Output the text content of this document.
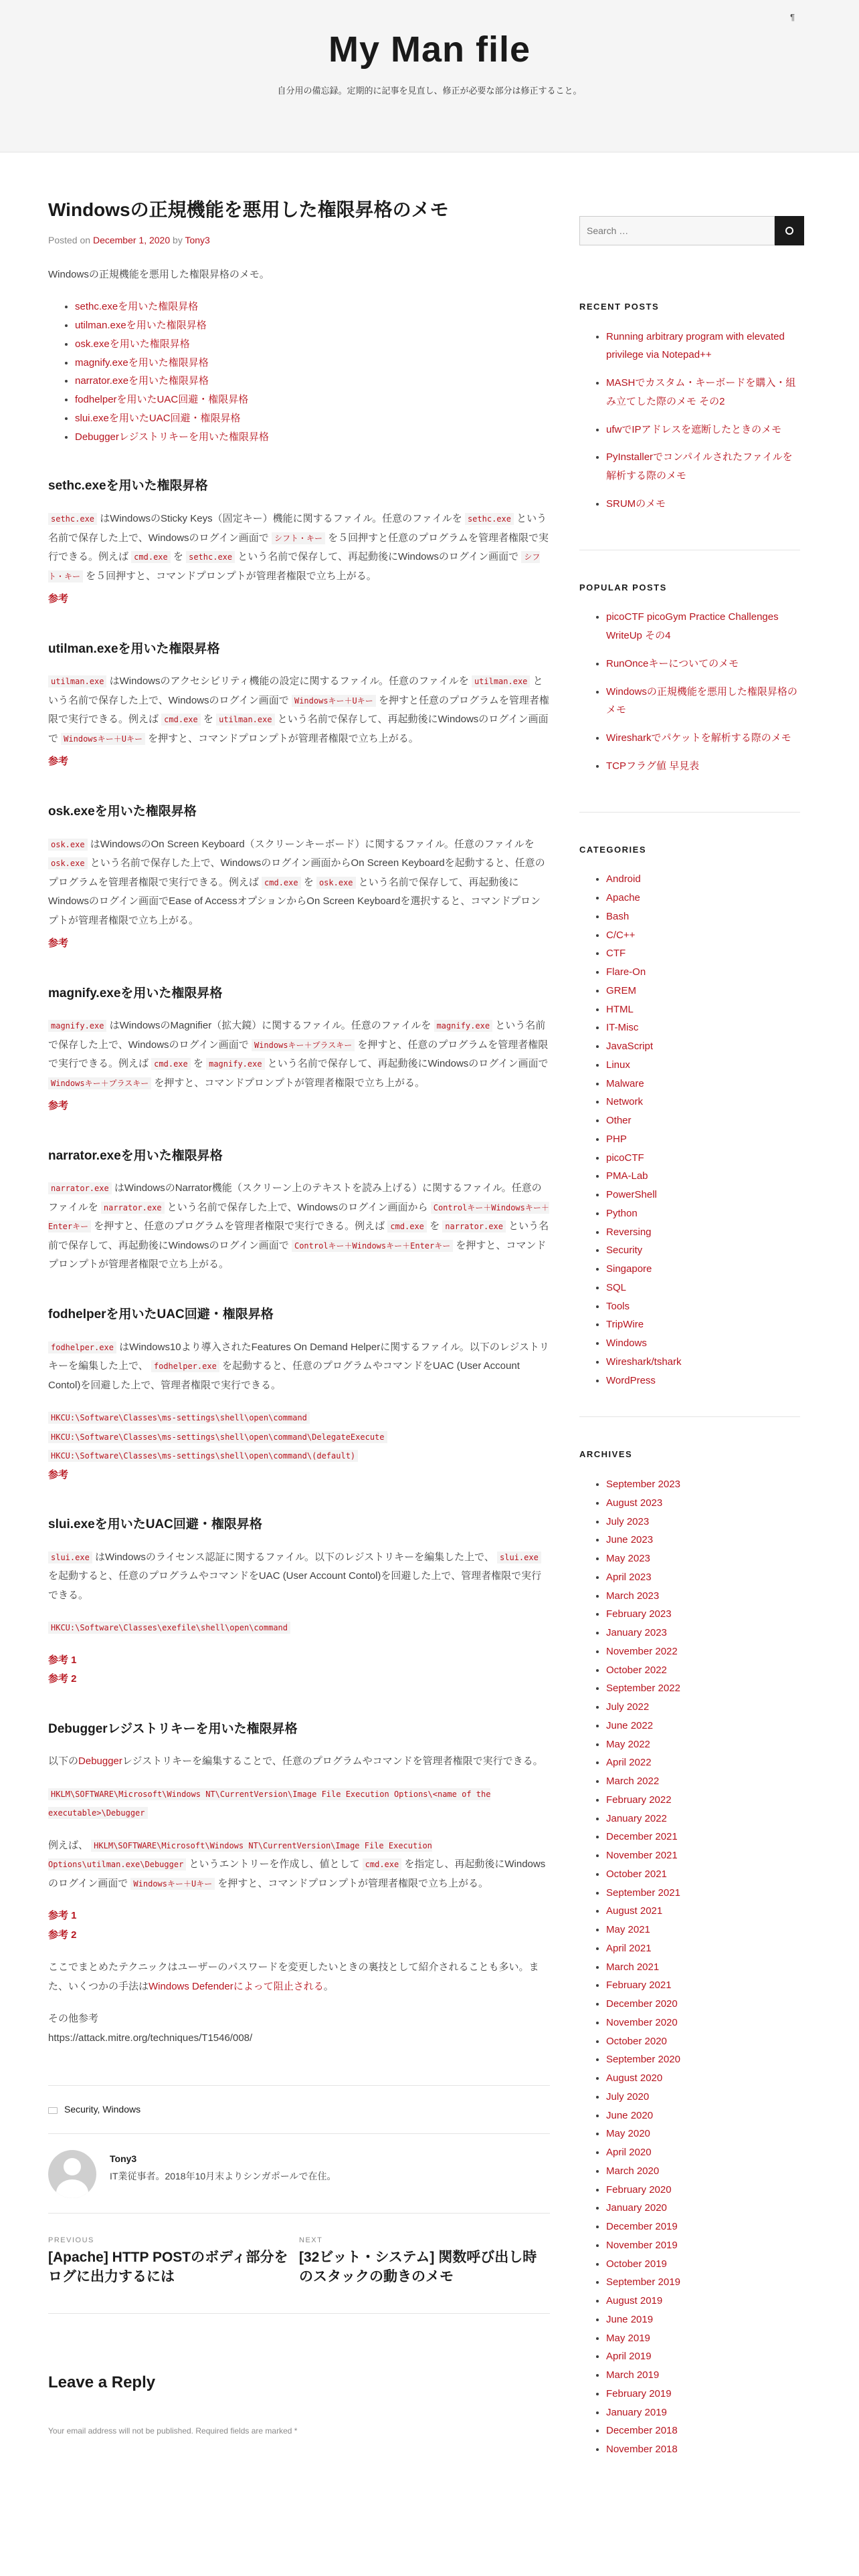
My Man file
自分用の備忘録。定期的に記事を見直し、修正が必要な部分は修正すること。
¶
Windowsの正規機能を悪用した権限昇格のメモ
Posted on December 1, 2020 by Tony3

Windowsの正規機能を悪用した権限昇格のメモ。

• sethc.exeを用いた権限昇格
• utilman.exeを用いた権限昇格
• osk.exeを用いた権限昇格
• magnify.exeを用いた権限昇格
• narrator.exeを用いた権限昇格
• fodhelperを用いたUAC回避・権限昇格
• slui.exeを用いたUAC回避・権限昇格
• Debuggerレジストリキーを用いた権限昇格
sethc.exeを用いた権限昇格

sethc.exe はWindowsのSticky Keys（固定キー）機能に関するファイル。任意のファイルを sethc.exe という名前で保存した上で、Windowsのログイン画面で シフト・キー を５回押すと任意のプログラムを管理者権限で実行できる。例えば cmd.exe を sethc.exe という名前で保存して、再起動後にWindowsのログイン画面で シフト・キー を５回押すと、コマンドプロンプトが管理者権限で立ち上がる。

参考
utilman.exeを用いた権限昇格

utilman.exe はWindowsのアクセシビリティ機能の設定に関するファイル。任意のファイルを utilman.exe という名前で保存した上で、Windowsのログイン画面で Windowsキー＋Uキー を押すと任意のプログラムを管理者権限で実行できる。例えば cmd.exe を utilman.exe という名前で保存して、再起動後にWindowsのログイン画面で Windowsキー＋Uキー を押すと、コマンドプロンプトが管理者権限で立ち上がる。

参考
osk.exeを用いた権限昇格

osk.exe はWindowsのOn Screen Keyboard（スクリーンキーボード）に関するファイル。任意のファイルを osk.exe という名前で保存した上で、Windowsのログイン画面からOn Screen Keyboardを起動すると、任意のプログラムを管理者権限で実行できる。例えば cmd.exe を osk.exe という名前で保存して、再起動後にWindowsのログイン画面でEase of AccessオプションからOn Screen Keyboardを選択すると、コマンドプロンプトが管理者権限で立ち上がる。

参考
magnify.exeを用いた権限昇格

magnify.exe はWindowsのMagnifier（拡大鏡）に関するファイル。任意のファイルを magnify.exe という名前で保存した上で、Windowsのログイン画面で Windowsキー＋プラスキー を押すと、任意のプログラムを管理者権限で実行できる。例えば cmd.exe を magnify.exe という名前で保存して、再起動後にWindowsのログイン画面で Windowsキー＋プラスキー を押すと、コマンドプロンプトが管理者権限で立ち上がる。

参考
narrator.exeを用いた権限昇格

narrator.exe はWindowsのNarrator機能（スクリーン上のテキストを読み上げる）に関するファイル。任意のファイルを narrator.exe という名前で保存した上で、Windowsのログイン画面から Controlキー＋Windowsキー＋Enterキー を押すと、任意のプログラムを管理者権限で実行できる。例えば cmd.exe を narrator.exe という名前で保存して、再起動後にWindowsのログイン画面で Controlキー＋Windowsキー＋Enterキー を押すと、コマンドプロンプトが管理者権限で立ち上がる。

fodhelperを用いたUAC回避・権限昇格

fodhelper.exe はWindows10より導入されたFeatures On Demand Helperに関するファイル。以下のレジストリキーを編集した上で、 fodhelper.exe を起動すると、任意のプログラムやコマンドをUAC (User Account Contol)を回避した上で、管理者権限で実行できる。

HKCU:\Software\Classes\ms-settings\shell\open\command
HKCU:\Software\Classes\ms-settings\shell\open\command\DelegateExecute
HKCU:\Software\Classes\ms-settings\shell\open\command\(default)

参考
slui.exeを用いたUAC回避・権限昇格

slui.exe はWindowsのライセンス認証に関するファイル。以下のレジストリキーを編集した上で、 slui.exe を起動すると、任意のプログラムやコマンドをUAC (User Account Contol)を回避した上で、管理者権限で実行できる。

HKCU:\Software\Classes\exefile\shell\open\command

参考 1
参考 2
Debuggerレジストリキーを用いた権限昇格

以下のDebuggerレジストリキーを編集することで、任意のプログラムやコマンドを管理者権限で実行できる。

HKLM\SOFTWARE\Microsoft\Windows NT\CurrentVersion\Image File Execution Options\<name of the executable>\Debugger

例えば、 HKLM\SOFTWARE\Microsoft\Windows NT\CurrentVersion\Image File Execution Options\utilman.exe\Debugger というエントリーを作成し、値として cmd.exe を指定し、再起動後にWindowsのログイン画面で Windowsキー＋Uキー を押すと、コマンドプロンプトが管理者権限で立ち上がる。

参考 1
参考 2

ここでまとめたテクニックはユーザーのパスワードを変更したいときの裏技として紹介されることも多い。また、いくつかの手法はWindows Defenderによって阻止される。

その他参考
https://attack.mitre.org/techniques/T1546/008/

Security, Windows
Tony3
IT業従事者。2018年10月末よりシンガポールで在住。
PREVIOUS
[Apache] HTTP POSTのボディ部分をログに出力するには
NEXT
[32ビット・システム] 関数呼び出し時のスタックの動きのメモ
Leave a Reply
Your email address will not be published. Required fields are marked *
Search …
RECENT POSTS
• Running arbitrary program with elevated privilege via Notepad++
• MASHでカスタム・キーボードを購入・組み立てした際のメモ その2
• ufwでIPアドレスを遮断したときのメモ
• PyInstallerでコンパイルされたファイルを解析する際のメモ
• SRUMのメモ
POPULAR POSTS
• picoCTF picoGym Practice Challenges WriteUp その4
• RunOnceキーについてのメモ
• Windowsの正規機能を悪用した権限昇格のメモ
• Wiresharkでパケットを解析する際のメモ
• TCPフラグ値 早見表
CATEGORIES
• Android
• Apache
• Bash
• C/C++
• CTF
• Flare-On
• GREM
• HTML
• IT-Misc
• JavaScript
• Linux
• Malware
• Network
• Other
• PHP
• picoCTF
• PMA-Lab
• PowerShell
• Python
• Reversing
• Security
• Singapore
• SQL
• Tools
• TripWire
• Windows
• Wireshark/tshark
• WordPress
ARCHIVES
• September 2023
• August 2023
• July 2023
• June 2023
• May 2023
• April 2023
• March 2023
• February 2023
• January 2023
• November 2022
• October 2022
• September 2022
• July 2022
• June 2022
• May 2022
• April 2022
• March 2022
• February 2022
• January 2022
• December 2021
• November 2021
• October 2021
• September 2021
• August 2021
• May 2021
• April 2021
• March 2021
• February 2021
• December 2020
• November 2020
• October 2020
• September 2020
• August 2020
• July 2020
• June 2020
• May 2020
• April 2020
• March 2020
• February 2020
• January 2020
• December 2019
• November 2019
• October 2019
• September 2019
• August 2019
• June 2019
• May 2019
• April 2019
• March 2019
• February 2019
• January 2019
• December 2018
• November 2018
